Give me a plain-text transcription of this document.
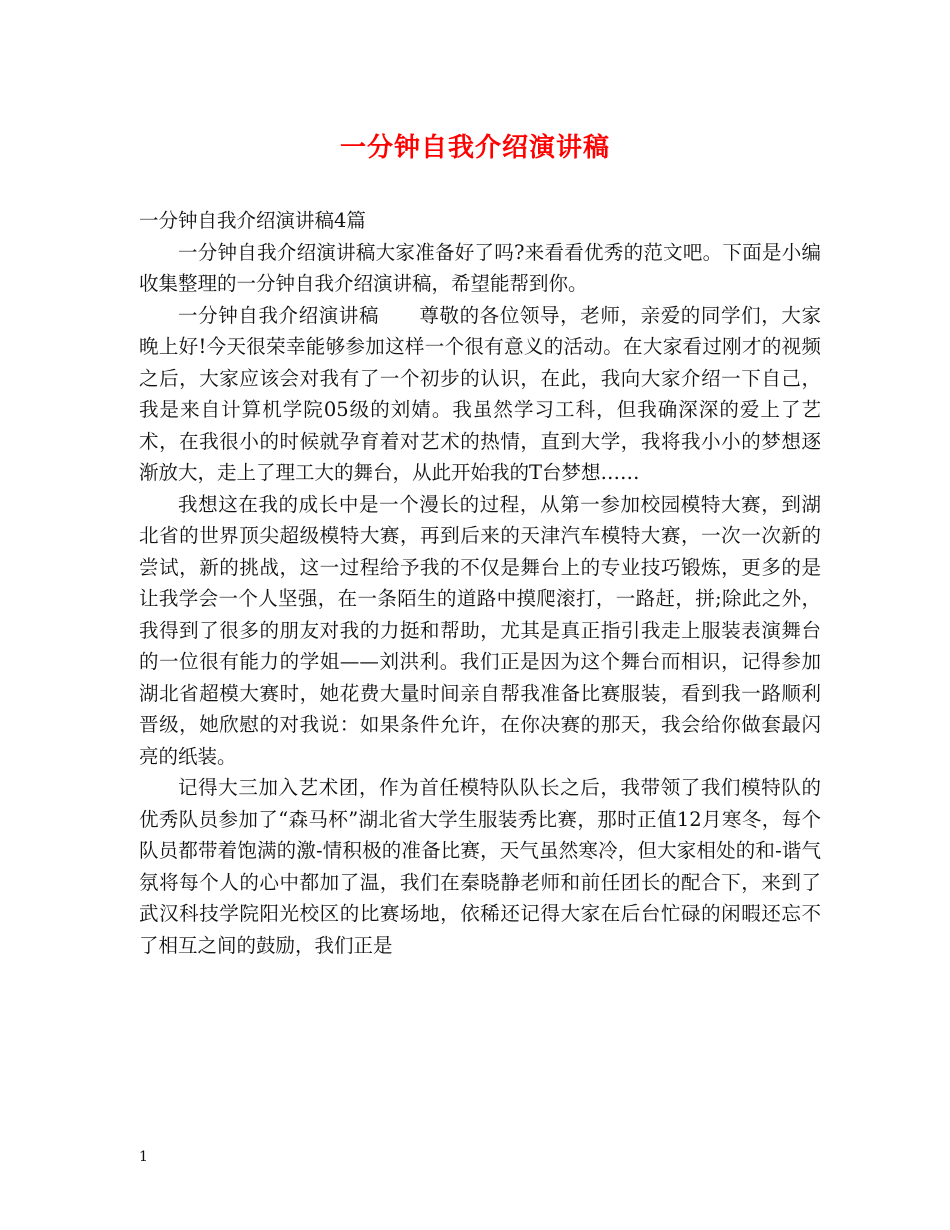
一分钟自我介绍演讲稿

一分钟自我介绍演讲稿4篇

一分钟自我介绍演讲稿大家准备好了吗?来看看优秀的范文吧。下面是小编收集整理的一分钟自我介绍演讲稿，希望能帮到你。

一分钟自我介绍演讲稿　　尊敬的各位领导，老师，亲爱的同学们，大家晚上好!今天很荣幸能够参加这样一个很有意义的活动。在大家看过刚才的视频之后，大家应该会对我有了一个初步的认识，在此，我向大家介绍一下自己，我是来自计算机学院05级的刘婧。我虽然学习工科，但我确深深的爱上了艺术，在我很小的时候就孕育着对艺术的热情，直到大学，我将我小小的梦想逐渐放大，走上了理工大的舞台，从此开始我的T台梦想……

我想这在我的成长中是一个漫长的过程，从第一参加校园模特大赛，到湖北省的世界顶尖超级模特大赛，再到后来的天津汽车模特大赛，一次一次新的尝试，新的挑战，这一过程给予我的不仅是舞台上的专业技巧锻炼，更多的是让我学会一个人坚强，在一条陌生的道路中摸爬滚打，一路赶，拼;除此之外，我得到了很多的朋友对我的力挺和帮助，尤其是真正指引我走上服装表演舞台的一位很有能力的学姐——刘洪利。我们正是因为这个舞台而相识，记得参加湖北省超模大赛时，她花费大量时间亲自帮我准备比赛服装，看到我一路顺利晋级，她欣慰的对我说：如果条件允许，在你决赛的那天，我会给你做套最闪亮的纸装。

记得大三加入艺术团，作为首任模特队队长之后，我带领了我们模特队的优秀队员参加了“森马杯”湖北省大学生服装秀比赛，那时正值12月寒冬，每个队员都带着饱满的激-情积极的准备比赛，天气虽然寒冷，但大家相处的和-谐气氛将每个人的心中都加了温，我们在秦晓静老师和前任团长的配合下，来到了武汉科技学院阳光校区的比赛场地，依稀还记得大家在后台忙碌的闲暇还忘不了相互之间的鼓励，我们正是

1
